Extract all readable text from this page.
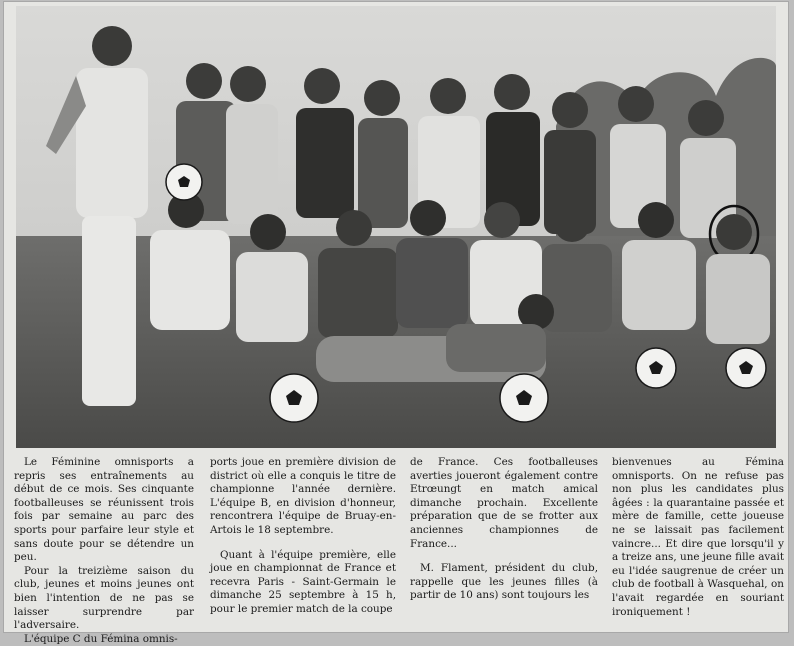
Le Féminine omnisports a repris ses entraînements au début de ce mois. Ses cinquante footballeuses se réunissent trois fois par semaine au parc des sports pour parfaire leur style et sans doute pour se détendre un peu.

Pour la treizième saison du club, jeunes et moins jeunes ont bien l'intention de ne pas se laisser surprendre par l'adversaire.

L'équipe C du Fémina omnis-

ports joue en première division de district où elle a conquis le titre de championne l'année dernière. L'équipe B, en division d'honneur, rencontrera l'équipe de Bruay-en-Artois le 18 septembre.

Quant à l'équipe première, elle joue en championnat de France et recevra Paris - Saint-Germain le dimanche 25 septembre à 15 h, pour le premier match de la coupe

de France. Ces footballeuses averties joueront également contre Etrœungt en match amical dimanche prochain. Excellente préparation que de se frotter aux anciennes championnes de France...

M. Flament, président du club, rappelle que les jeunes filles (à partir de 10 ans) sont toujours les

bienvenues au Fémina omnisports. On ne refuse pas non plus les candidates plus âgées : la quarantaine passée et mère de famille, cette joueuse ne se laissait pas facilement vaincre... Et dire que lorsqu'il y a treize ans, une jeune fille avait eu l'idée saugrenue de créer un club de football à Wasquehal, on l'avait regardée en souriant ironiquement !
